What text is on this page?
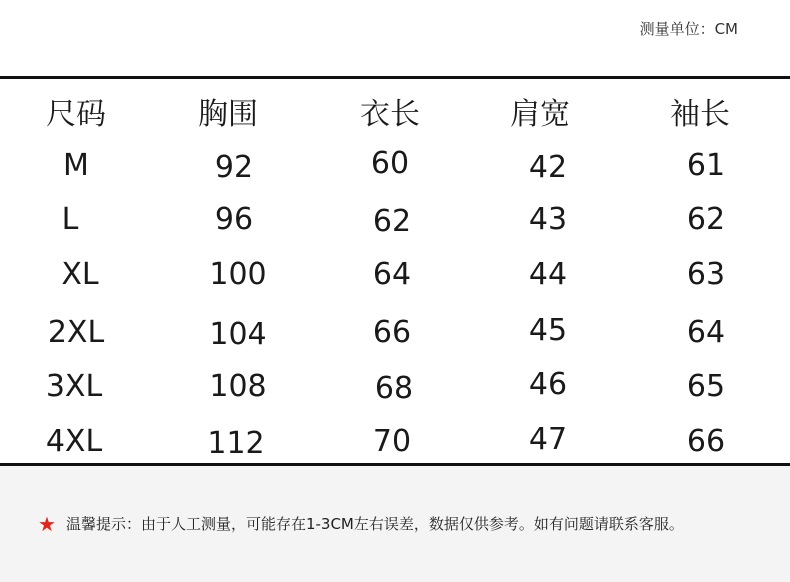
测量单位：CM
尺码	胸围	衣长	肩宽	袖长
M	92	60	42	61
L	96	62	43	62
XL	100	64	44	63
2XL	104	66	45	64
3XL	108	68	46	65
4XL	112	70	47	66
★ 温馨提示：由于人工测量，可能存在1-3CM左右误差，数据仅供参考。如有问题请联系客服。
